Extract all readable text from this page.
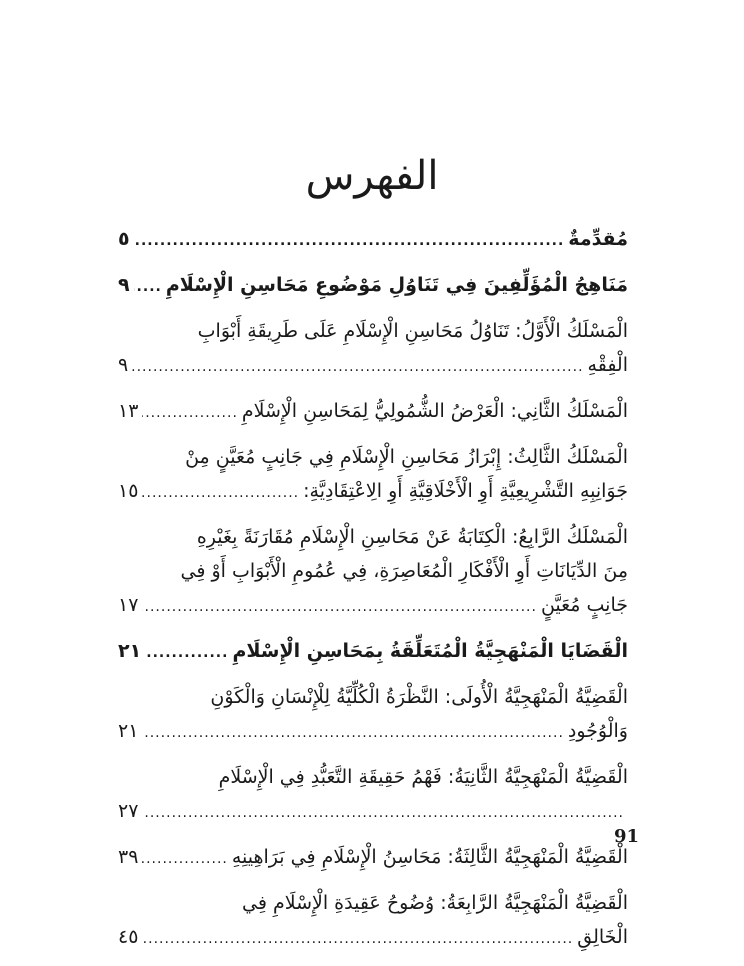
الفهرس
مُقدِّمةٌ
.....
٥
مَنَاهِجُ الْمُؤَلِّفِينَ فِي تَنَاوُلِ مَوْضُوعِ مَحَاسِنِ الْإِسْلَامِ
.....
٩
الْمَسْلَكُ الْأَوَّلُ: تَنَاوُلُ مَحَاسِنِ الْإِسْلَامِ عَلَى طَرِيقَةِ أَبْوَابِ
الْفِقْهِ
.....
٩
الْمَسْلَكُ الثَّانِي: الْعَرْضُ الشُّمُولِيُّ لِمَحَاسِنِ الْإِسْلَامِ
.....
١٣
الْمَسْلَكُ الثَّالِثُ: إِبْرَازُ مَحَاسِنِ الْإِسْلَامِ فِي جَانِبٍ مُعَيَّنٍ مِنْ
جَوَانِبِهِ التَّشْرِيعِيَّةِ أَوِ الْأَخْلَاقِيَّةِ أَوِ الِاعْتِقَادِيَّةِ:
.....
١٥
الْمَسْلَكُ الرَّابِعُ: الْكِتَابَةُ عَنْ مَحَاسِنِ الْإِسْلَامِ مُقَارَنَةً بِغَيْرِهِ
مِنَ الدِّيَانَاتِ أَوِ الْأَفْكَارِ الْمُعَاصِرَةِ، فِي عُمُومِ الْأَبْوَابِ أَوْ فِي
جَانِبٍ مُعَيَّنٍ
.....
١٧
الْقَضَايَا الْمَنْهَجِيَّةُ الْمُتَعَلِّقَةُ بِمَحَاسِنِ الْإِسْلَامِ
.....
٢١
الْقَضِيَّةُ الْمَنْهَجِيَّةُ الْأُولَى: النَّظْرَةُ الْكُلِّيَّةُ لِلْإِنْسَانِ وَالْكَوْنِ
وَالْوُجُودِ
.....
٢١
الْقَضِيَّةُ الْمَنْهَجِيَّةُ الثَّانِيَةُ: فَهْمُ حَقِيقَةِ التَّعَبُّدِ فِي الْإِسْلَامِ
.....
٢٧
الْقَضِيَّةُ الْمَنْهَجِيَّةُ الثَّالِثَةُ: مَحَاسِنُ الْإِسْلَامِ فِي بَرَاهِينِهِ
.....
٣٩
الْقَضِيَّةُ الْمَنْهَجِيَّةُ الرَّابِعَةُ: وُضُوحُ عَقِيدَةِ الْإِسْلَامِ فِي
الْخَالِقِ
.....
٤٥
91
